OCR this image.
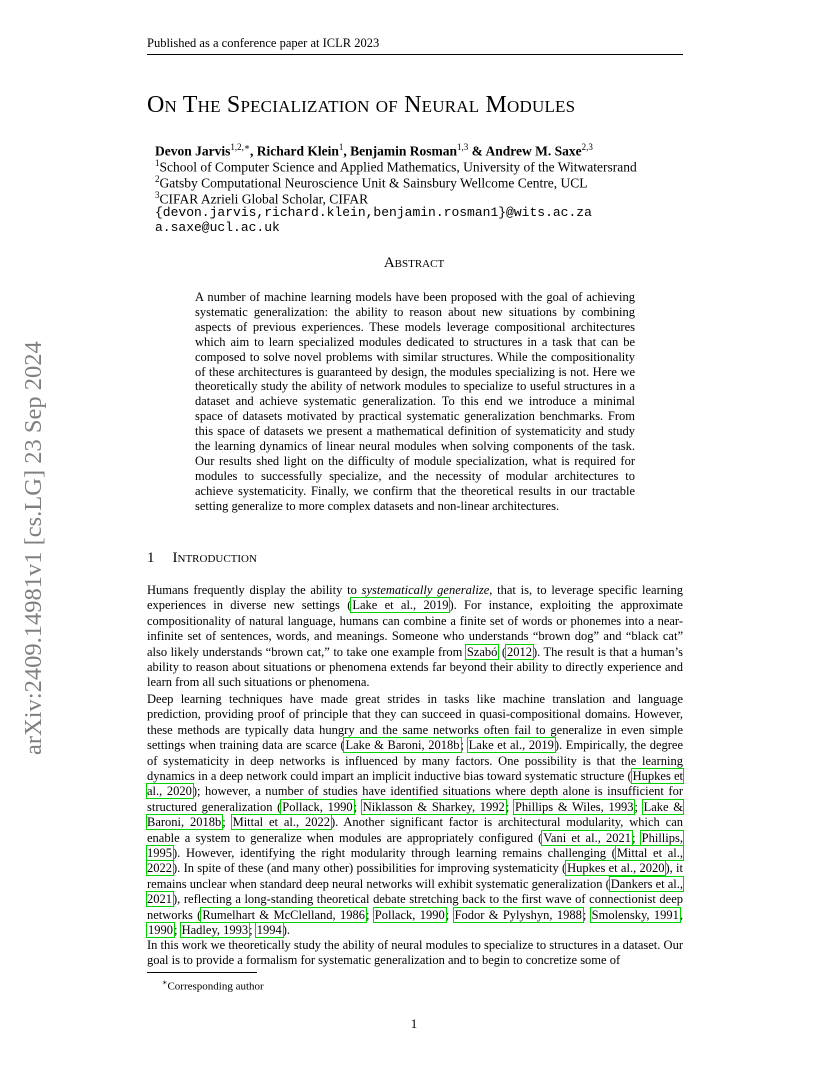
Published as a conference paper at ICLR 2023
arXiv:2409.14981v1 [cs.LG] 23 Sep 2024
On The Specialization of Neural Modules
Devon Jarvis$^{1,2,∗}$, Richard Klein$^1$, Benjamin Rosman$^{1,3}$ & Andrew M. Saxe$^{2,3}$
$^1$School of Computer Science and Applied Mathematics, University of the Witwatersrand
$^2$Gatsby Computational Neuroscience Unit & Sainsbury Wellcome Centre, UCL
$^3$CIFAR Azrieli Global Scholar, CIFAR
{devon.jarvis,richard.klein,benjamin.rosman1}@wits.ac.za
a.saxe@ucl.ac.uk
Abstract
A number of machine learning models have been proposed with the goal of achieving systematic generalization: the ability to reason about new situations by combining aspects of previous experiences. These models leverage compositional architectures which aim to learn specialized modules dedicated to structures in a task that can be composed to solve novel problems with similar structures. While the compositionality of these architectures is guaranteed by design, the modules specializing is not. Here we theoretically study the ability of network modules to specialize to useful structures in a dataset and achieve systematic generalization. To this end we introduce a minimal space of datasets motivated by practical systematic generalization benchmarks. From this space of datasets we present a mathematical definition of systematicity and study the learning dynamics of linear neural modules when solving components of the task. Our results shed light on the difficulty of module specialization, what is required for modules to successfully specialize, and the necessity of modular architectures to achieve systematicity. Finally, we confirm that the theoretical results in our tractable setting generalize to more complex datasets and non-linear architectures.
1 Introduction
Humans frequently display the ability to systematically generalize, that is, to leverage specific learning experiences in diverse new settings (Lake et al., 2019). For instance, exploiting the approximate compositionality of natural language, humans can combine a finite set of words or phonemes into a near-infinite set of sentences, words, and meanings. Someone who understands “brown dog” and “black cat” also likely understands “brown cat,” to take one example from Szabó (2012). The result is that a human’s ability to reason about situations or phenomena extends far beyond their ability to directly experience and learn from all such situations or phenomena.
Deep learning techniques have made great strides in tasks like machine translation and language prediction, providing proof of principle that they can succeed in quasi-compositional domains. However, these methods are typically data hungry and the same networks often fail to generalize in even simple settings when training data are scarce (Lake & Baroni, 2018b; Lake et al., 2019). Empirically, the degree of systematicity in deep networks is influenced by many factors. One possibility is that the learning dynamics in a deep network could impart an implicit inductive bias toward systematic structure (Hupkes et al., 2020); however, a number of studies have identified situations where depth alone is insufficient for structured generalization (Pollack, 1990; Niklasson & Sharkey, 1992; Phillips & Wiles, 1993; Lake & Baroni, 2018b; Mittal et al., 2022). Another significant factor is architectural modularity, which can enable a system to generalize when modules are appropriately configured (Vani et al., 2021; Phillips, 1995). However, identifying the right modularity through learning remains challenging (Mittal et al., 2022). In spite of these (and many other) possibilities for improving systematicity (Hupkes et al., 2020), it remains unclear when standard deep neural networks will exhibit systematic generalization (Dankers et al., 2021), reflecting a long-standing theoretical debate stretching back to the first wave of connectionist deep networks (Rumelhart & McClelland, 1986; Pollack, 1990; Fodor & Pylyshyn, 1988; Smolensky, 1991, 1990; Hadley, 1993; 1994).
In this work we theoretically study the ability of neural modules to specialize to structures in a dataset. Our goal is to provide a formalism for systematic generalization and to begin to concretize some of
∗Corresponding author
1
